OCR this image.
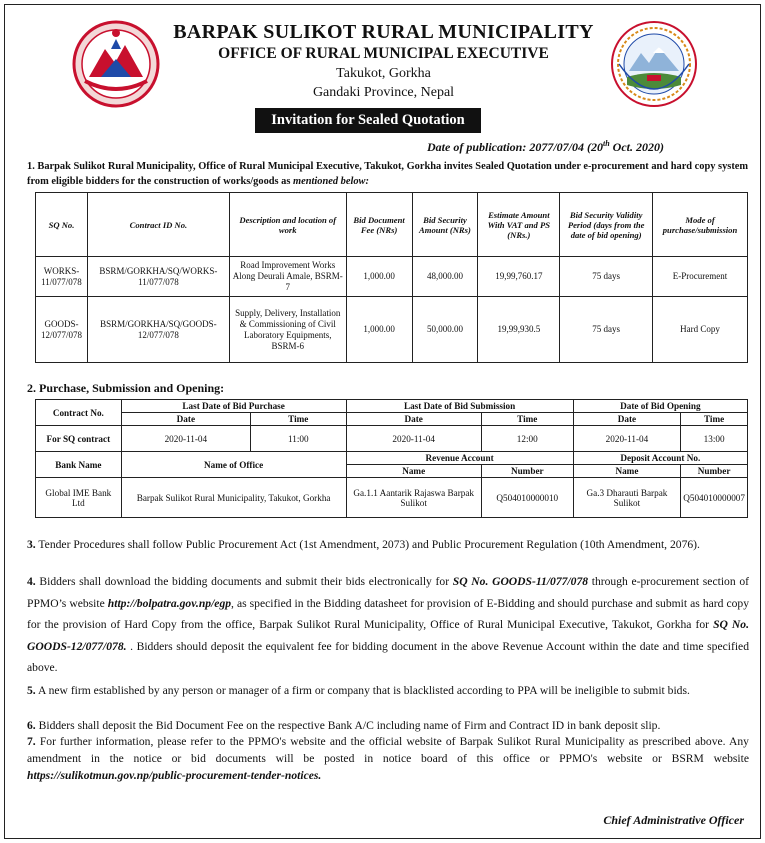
BARPAK SULIKOT RURAL MUNICIPALITY
OFFICE OF RURAL MUNICIPAL EXECUTIVE
Takukot, Gorkha
Gandaki Province, Nepal
Invitation for Sealed Quotation
Date of publication: 2077/07/04 (20th Oct. 2020)
1. Barpak Sulikot Rural Municipality, Office of Rural Municipal Executive, Takukot, Gorkha invites Sealed Quotation under e-procurement and hard copy system from eligible bidders for the construction of works/goods as mentioned below:
SQ No.	Contract ID No.	Description and location of work	Bid Document Fee (NRs)	Bid Security Amount (NRs)	Estimate Amount With VAT and PS (NRs.)	Bid Security Validity Period (days from the date of bid opening)	Mode of purchase/submission
WORKS-11/077/078	BSRM/GORKHA/SQ/WORKS-11/077/078	Road Improvement Works Along Deurali Amale, BSRM-7	1,000.00	48,000.00	19,99,760.17	75 days	E-Procurement
GOODS-12/077/078	BSRM/GORKHA/SQ/GOODS-12/077/078	Supply, Delivery, Installation & Commissioning of Civil Laboratory Equipments, BSRM-6	1,000.00	50,000.00	19,99,930.5	75 days	Hard Copy
2. Purchase, Submission and Opening:
Contract No.	Last Date of Bid Purchase		Last Date of Bid Submission		Date of Bid Opening	
	Date	Time	Date	Time	Date	Time
For SQ contract	2020-11-04	11:00	2020-11-04	12:00	2020-11-04	13:00
Bank Name	Name of Office		Revenue Account		Deposit Account No.	
			Name	Number	Name	Number
Global IME Bank Ltd	Barpak Sulikot Rural Municipality, Takukot, Gorkha		Ga.1.1 Aantarik Rajaswa Barpak Sulikot	Q504010000010	Ga.3 Dharauti Barpak Sulikot	Q504010000007
3. Tender Procedures shall follow Public Procurement Act (1st Amendment, 2073) and Public Procurement Regulation (10th Amendment, 2076).
4. Bidders shall download the bidding documents and submit their bids electronically for SQ No. GOODS-11/077/078 through e-procurement section of PPMO’s website http://bolpatra.gov.np/egp, as specified in the Bidding datasheet for provision of E-Bidding and should purchase and submit as hard copy for the provision of Hard Copy from the office, Barpak Sulikot Rural Municipality, Office of Rural Municipal Executive, Takukot, Gorkha for SQ No. GOODS-12/077/078. . Bidders should deposit the equivalent fee for bidding document in the above Revenue Account within the date and time specified above.
5. A new firm established by any person or manager of a firm or company that is blacklisted according to PPA will be ineligible to submit bids.
6. Bidders shall deposit the Bid Document Fee on the respective Bank A/C including name of Firm and Contract ID in bank deposit slip.
7. For further information, please refer to the PPMO's website and the official website of Barpak Sulikot Rural Municipality as prescribed above. Any amendment in the notice or bid documents will be posted in notice board of this office or PPMO's website or BSRM website https://sulikotmun.gov.np/public-procurement-tender-notices.
Chief Administrative Officer
